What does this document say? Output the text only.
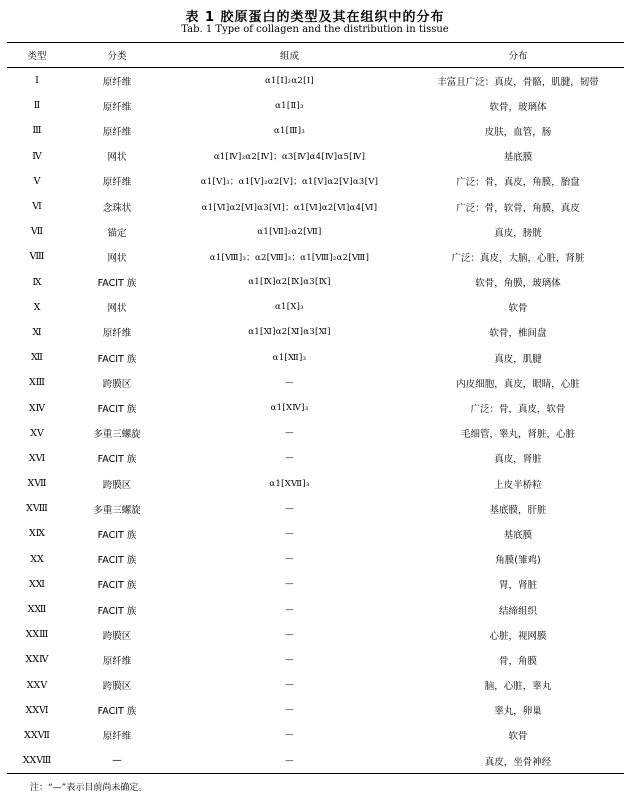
表 1 胶原蛋白的类型及其在组织中的分布
Tab. 1 Type of collagen and the distribution in tissue
类型	分类	组成	分布
Ⅰ	原纤维	α1[Ⅰ]₂α2[Ⅰ]	丰富且广泛：真皮，骨骼，肌腱，韧带
Ⅱ	原纤维	α1[Ⅱ]₃	软骨，玻璃体
Ⅲ	原纤维	α1[Ⅲ]₃	皮肤，血管，肠
Ⅳ	网状	α1[Ⅳ]₂α2[Ⅳ]；α3[Ⅳ]α4[Ⅳ]α5[Ⅳ]	基底膜
Ⅴ	原纤维	α1[Ⅴ]₃；α1[Ⅴ]₂α2[Ⅴ]；α1[Ⅴ]α2[Ⅴ]α3[Ⅴ]	广泛：骨，真皮，角膜，胎盘
Ⅵ	念珠状	α1[Ⅵ]α2[Ⅵ]α3[Ⅵ]；α1[Ⅵ]α2[Ⅵ]α4[Ⅵ]	广泛：骨，软骨，角膜，真皮
Ⅶ	锚定	α1[Ⅶ]₂α2[Ⅶ]	真皮，膀胱
Ⅷ	网状	α1[Ⅷ]₃；α2[Ⅷ]₃；α1[Ⅷ]₂α2[Ⅷ]	广泛：真皮，大脑，心脏，肾脏
Ⅸ	FACIT 族	α1[Ⅸ]α2[Ⅸ]α3[Ⅸ]	软骨，角膜，玻璃体
Ⅹ	网状	α1[Ⅹ]₃	软骨
Ⅺ	原纤维	α1[Ⅺ]α2[Ⅺ]α3[Ⅺ]	软骨，椎间盘
Ⅻ	FACIT 族	α1[Ⅻ]₃	真皮，肌腱
ⅩⅢ	跨膜区	—	内皮细胞，真皮，眼睛，心脏
ⅩⅣ	FACIT 族	α1[ⅩⅣ]₃	广泛：骨，真皮，软骨
ⅩⅤ	多重三螺旋	—	毛细管，睾丸，肾脏，心脏
ⅩⅥ	FACIT 族	—	真皮，肾脏
ⅩⅦ	跨膜区	α1[ⅩⅦ]₃	上皮半桥粒
ⅩⅧ	多重三螺旋	—	基底膜，肝脏
ⅩⅨ	FACIT 族	—	基底膜
ⅩⅩ	FACIT 族	—	角膜(雏鸡)
ⅩⅪ	FACIT 族	—	胃，肾脏
ⅩⅫ	FACIT 族	—	结缔组织
ⅩⅩⅢ	跨膜区	—	心脏，视网膜
ⅩⅩⅣ	原纤维	—	骨，角膜
ⅩⅩⅤ	跨膜区	—	脑，心脏，睾丸
ⅩⅩⅥ	FACIT 族	—	睾丸，卵巢
ⅩⅩⅦ	原纤维	—	软骨
ⅩⅩⅧ	—	—	真皮，坐骨神经
注：“—”表示目前尚未确定。
